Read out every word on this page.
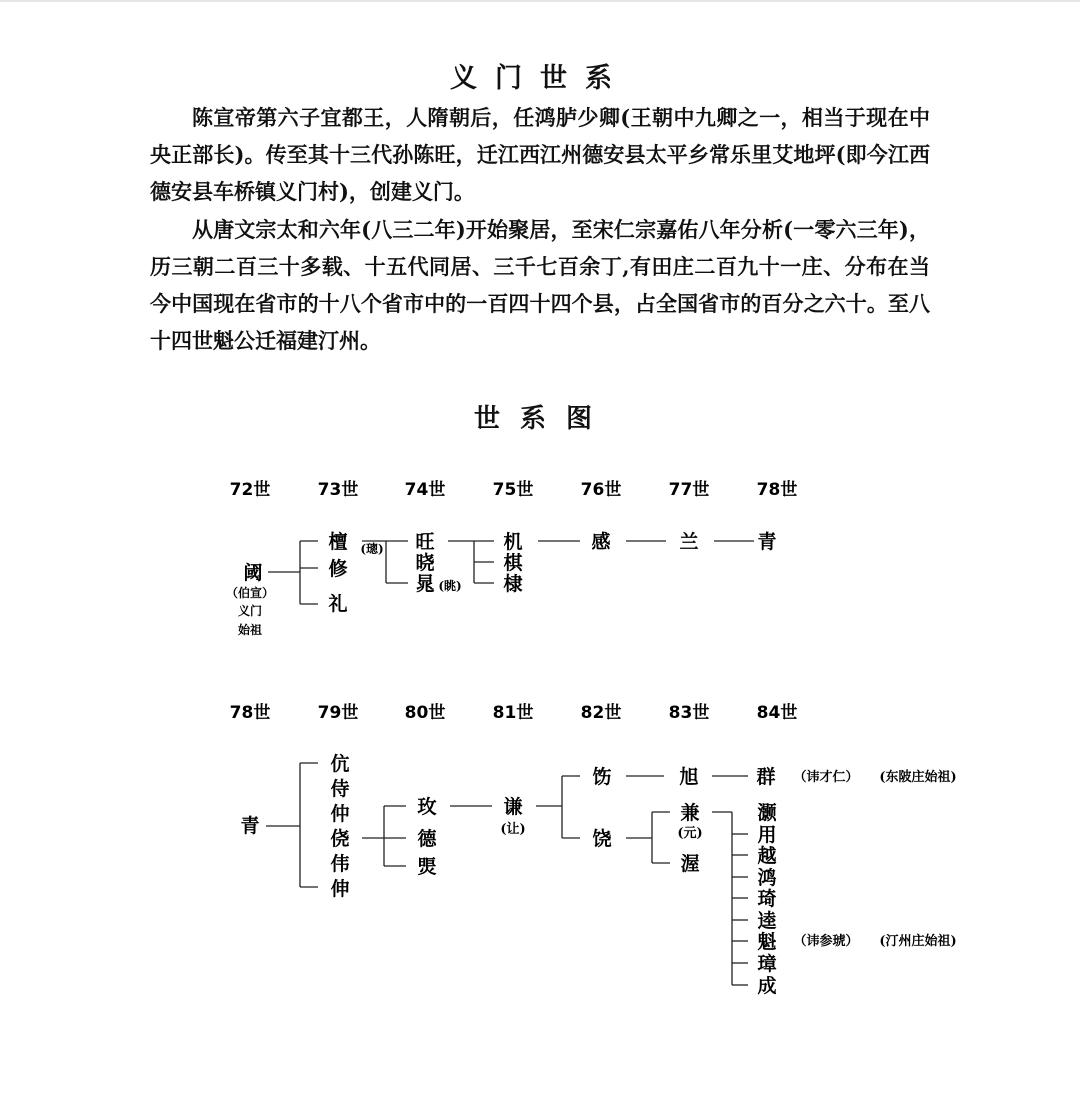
义门世系

陈宣帝第六子宜都王，人隋朝后，任鸿胪少卿(王朝中九卿之一，相当于现在中央正部长)。传至其十三代孙陈旺，迁江西江州德安县太平乡常乐里艾地坪(即今江西德安县车桥镇义门村)，创建义门。

从唐文宗太和六年(八三二年)开始聚居，至宋仁宗嘉佑八年分析(一零六三年)，历三朝二百三十多载、十五代同居、三千七百余丁,有田庄二百九十一庄、分布在当今中国现在省市的十八个省市中的一百四十四个县，占全国省市的百分之六十。至八十四世魁公迁福建汀州。

世系图
72世	73世	74世	75世	76世	77世	78世
阈
（伯宣）
义门
始祖
檀
修
礼
(璁) 旺
晓
晁 (眺)
机
棋
棣
感	兰	青
78世	79世	80世	81世	82世	83世	84世
青
伉
侍
仲
侥
伟
伸
玫
德
煚
谦
(让)
饬
饶
旭	群 （讳才仁） (东陂庄始祖)
兼
(元)
渥
灏
用
越
鸿
琦
逵
魁
璋
成
（讳参琥） (汀州庄始祖)
